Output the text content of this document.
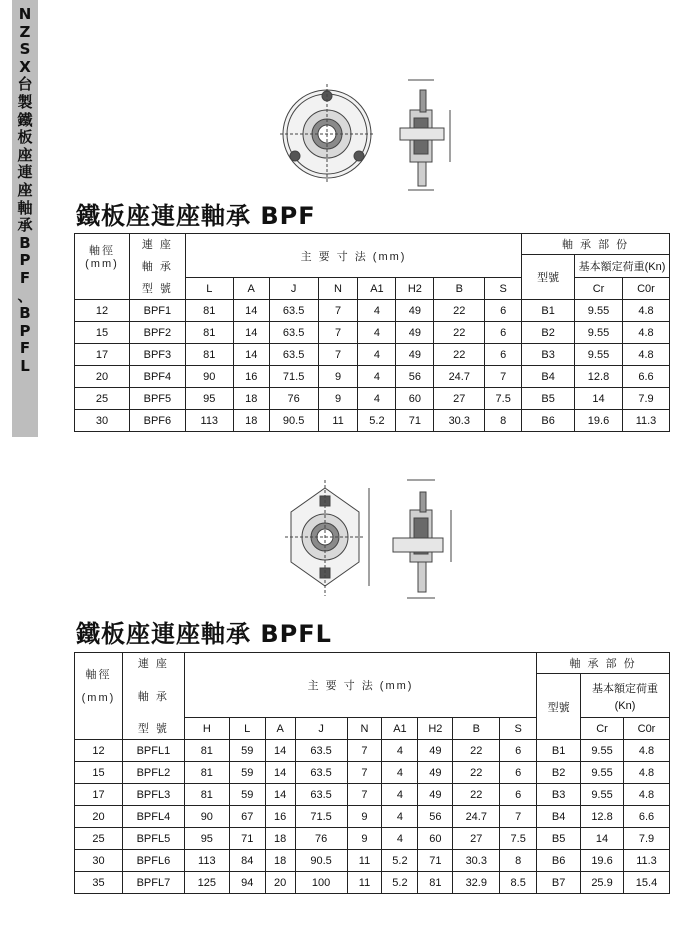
N
Z
S
X
台
製
鐵
板
座
連
座
軸
承
B
P
F
、
B
P
F
L
鐵板座連座軸承 BPF
軸徑
(mm)	連 座	主 要 寸 法 (mm)								軸 承 部 份		
	軸 承									型號	基本額定荷重(Kn)	
	型 號	L	A	J	N	A1	H2	B	S		Cr	C0r
12	BPF1	81	14	63.5	7	4	49	22	6	B1	9.55	4.8
15	BPF2	81	14	63.5	7	4	49	22	6	B2	9.55	4.8
17	BPF3	81	14	63.5	7	4	49	22	6	B3	9.55	4.8
20	BPF4	90	16	71.5	9	4	56	24.7	7	B4	12.8	6.6
25	BPF5	95	18	76	9	4	60	27	7.5	B5	14	7.9
30	BPF6	113	18	90.5	11	5.2	71	30.3	8	B6	19.6	11.3
鐵板座連座軸承 BPFL
軸徑
(mm)	連 座	主 要 寸 法 (mm)									軸 承 部 份		
	軸 承										型號	基本額定荷重
(Kn)	

	型 號	H	L	A	J	N	A1	H2	B	S		Cr	C0r
12	BPFL1	81	59	14	63.5	7	4	49	22	6	B1	9.55	4.8
15	BPFL2	81	59	14	63.5	7	4	49	22	6	B2	9.55	4.8
17	BPFL3	81	59	14	63.5	7	4	49	22	6	B3	9.55	4.8
20	BPFL4	90	67	16	71.5	9	4	56	24.7	7	B4	12.8	6.6
25	BPFL5	95	71	18	76	9	4	60	27	7.5	B5	14	7.9
30	BPFL6	113	84	18	90.5	11	5.2	71	30.3	8	B6	19.6	11.3
35	BPFL7	125	94	20	100	11	5.2	81	32.9	8.5	B7	25.9	15.4
